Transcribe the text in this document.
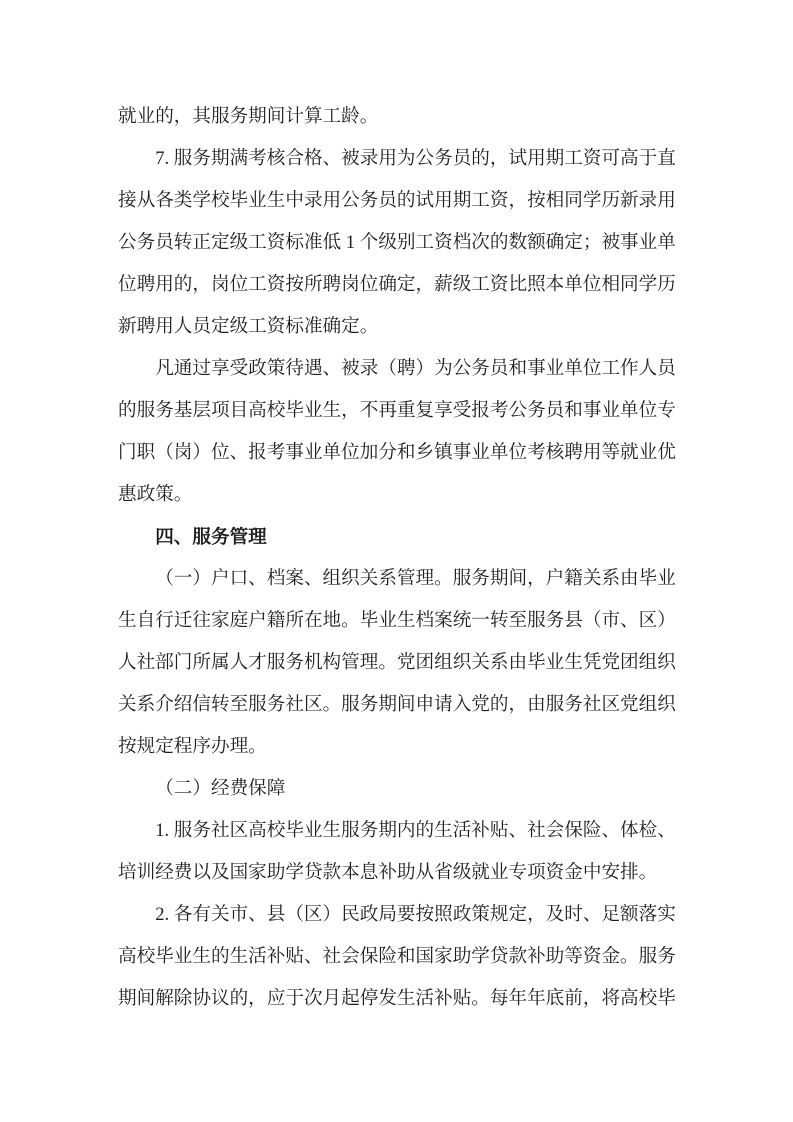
就业的，其服务期间计算工龄。
7. 服务期满考核合格、被录用为公务员的，试用期工资可高于直
接从各类学校毕业生中录用公务员的试用期工资，按相同学历新录用
公务员转正定级工资标准低 1 个级别工资档次的数额确定；被事业单
位聘用的，岗位工资按所聘岗位确定，薪级工资比照本单位相同学历
新聘用人员定级工资标准确定。
凡通过享受政策待遇、被录（聘）为公务员和事业单位工作人员
的服务基层项目高校毕业生，不再重复享受报考公务员和事业单位专
门职（岗）位、报考事业单位加分和乡镇事业单位考核聘用等就业优
惠政策。
四、服务管理
（一）户口、档案、组织关系管理。服务期间，户籍关系由毕业
生自行迁往家庭户籍所在地。毕业生档案统一转至服务县（市、区）
人社部门所属人才服务机构管理。党团组织关系由毕业生凭党团组织
关系介绍信转至服务社区。服务期间申请入党的，由服务社区党组织
按规定程序办理。
（二）经费保障
1. 服务社区高校毕业生服务期内的生活补贴、社会保险、体检、
培训经费以及国家助学贷款本息补助从省级就业专项资金中安排。
2. 各有关市、县（区）民政局要按照政策规定，及时、足额落实
高校毕业生的生活补贴、社会保险和国家助学贷款补助等资金。服务
期间解除协议的，应于次月起停发生活补贴。每年年底前，将高校毕
